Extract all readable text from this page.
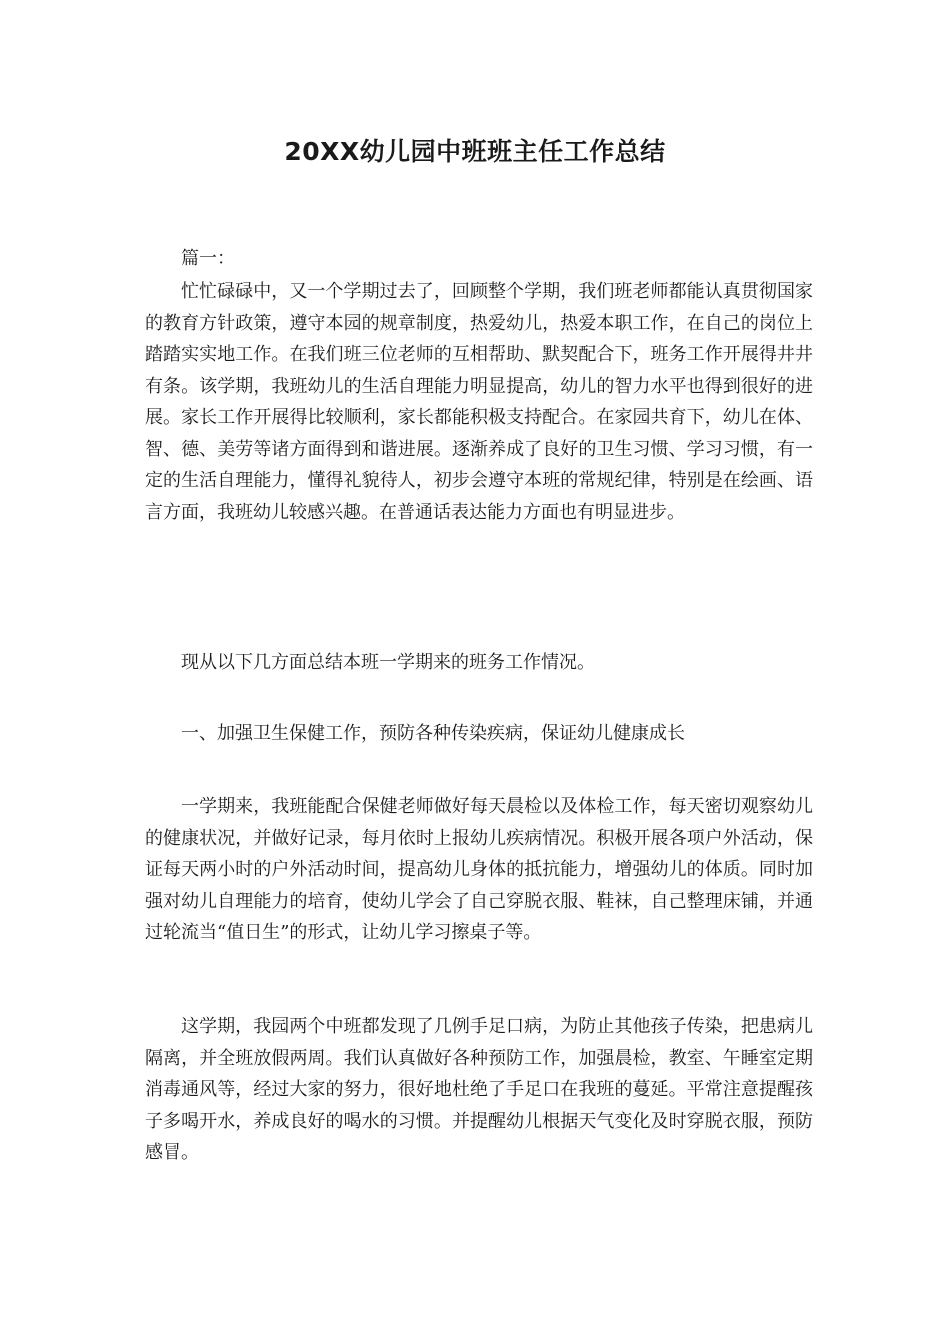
20XX幼儿园中班班主任工作总结

篇一：

忙忙碌碌中，又一个学期过去了，回顾整个学期，我们班老师都能认真贯彻国家的教育方针政策，遵守本园的规章制度，热爱幼儿，热爱本职工作，在自己的岗位上踏踏实实地工作。在我们班三位老师的互相帮助、默契配合下，班务工作开展得井井有条。该学期，我班幼儿的生活自理能力明显提高，幼儿的智力水平也得到很好的进展。家长工作开展得比较顺利，家长都能积极支持配合。在家园共育下，幼儿在体、智、德、美劳等诸方面得到和谐进展。逐渐养成了良好的卫生习惯、学习习惯，有一定的生活自理能力，懂得礼貌待人，初步会遵守本班的常规纪律，特别是在绘画、语言方面，我班幼儿较感兴趣。在普通话表达能力方面也有明显进步。

现从以下几方面总结本班一学期来的班务工作情况。

一、加强卫生保健工作，预防各种传染疾病，保证幼儿健康成长

一学期来，我班能配合保健老师做好每天晨检以及体检工作，每天密切观察幼儿的健康状况，并做好记录，每月依时上报幼儿疾病情况。积极开展各项户外活动，保证每天两小时的户外活动时间，提高幼儿身体的抵抗能力，增强幼儿的体质。同时加强对幼儿自理能力的培育，使幼儿学会了自己穿脱衣服、鞋袜，自己整理床铺，并通过轮流当“值日生”的形式，让幼儿学习擦桌子等。

这学期，我园两个中班都发现了几例手足口病，为防止其他孩子传染，把患病儿隔离，并全班放假两周。我们认真做好各种预防工作，加强晨检，教室、午睡室定期消毒通风等，经过大家的努力，很好地杜绝了手足口在我班的蔓延。平常注意提醒孩子多喝开水，养成良好的喝水的习惯。并提醒幼儿根据天气变化及时穿脱衣服，预防感冒。
